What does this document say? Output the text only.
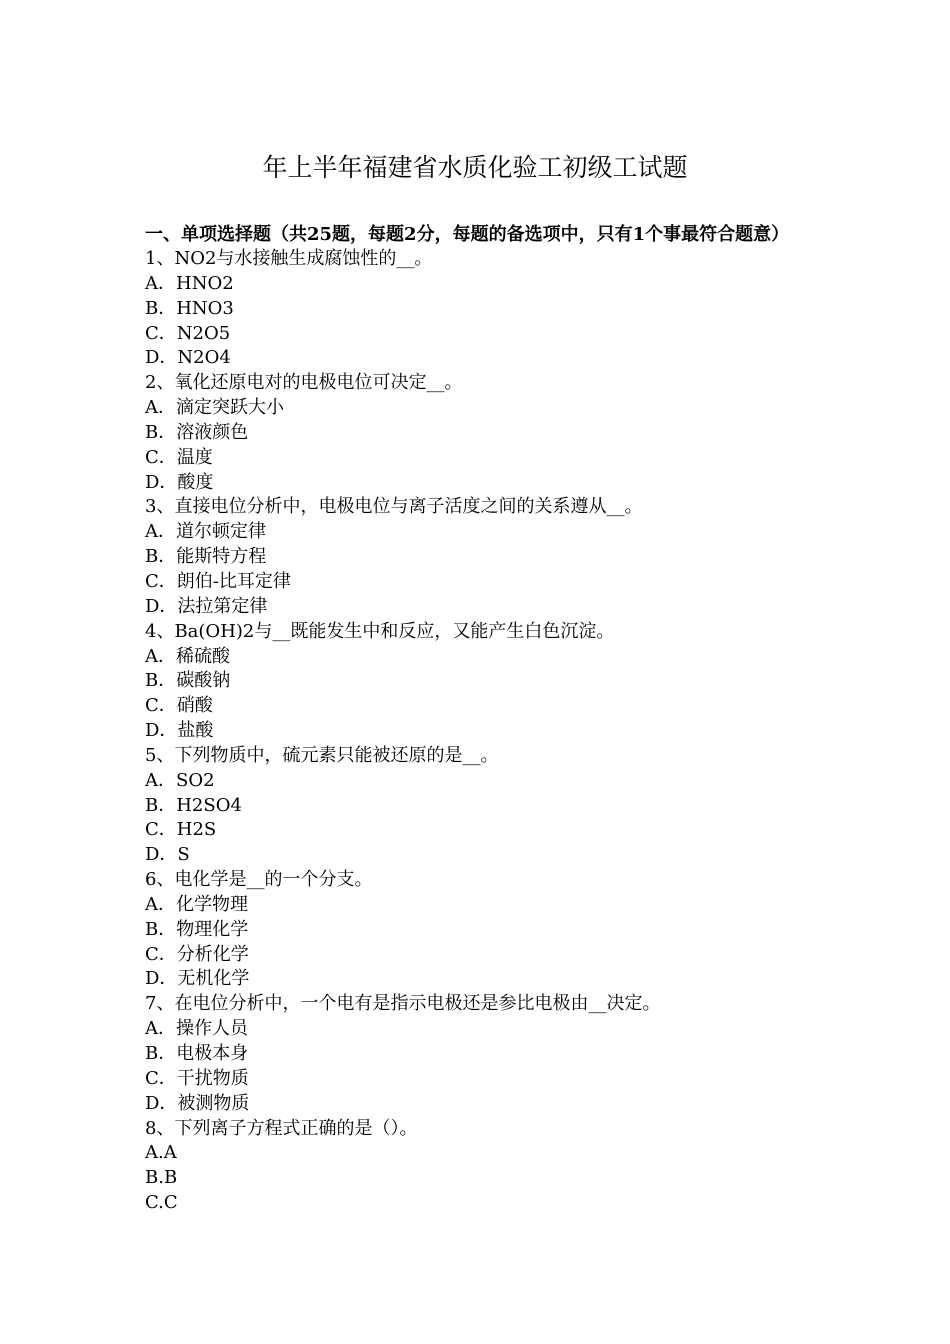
年上半年福建省水质化验工初级工试题
一、单项选择题（共25题，每题2分，每题的备选项中，只有1个事最符合题意）
1、NO2与水接触生成腐蚀性的__。
A．HNO2
B．HNO3
C．N2O5
D．N2O4
2、氧化还原电对的电极电位可决定__。
A．滴定突跃大小
B．溶液颜色
C．温度
D．酸度
3、直接电位分析中，电极电位与离子活度之间的关系遵从__。
A．道尔顿定律
B．能斯特方程
C．朗伯-比耳定律
D．法拉第定律
4、Ba(OH)2与__既能发生中和反应，又能产生白色沉淀。
A．稀硫酸
B．碳酸钠
C．硝酸
D．盐酸
5、下列物质中，硫元素只能被还原的是__。
A．SO2
B．H2SO4
C．H2S
D．S
6、电化学是__的一个分支。
A．化学物理
B．物理化学
C．分析化学
D．无机化学
7、在电位分析中，一个电有是指示电极还是参比电极由__决定。
A．操作人员
B．电极本身
C．干扰物质
D．被测物质
8、下列离子方程式正确的是（）。
A.A
B.B
C.C
